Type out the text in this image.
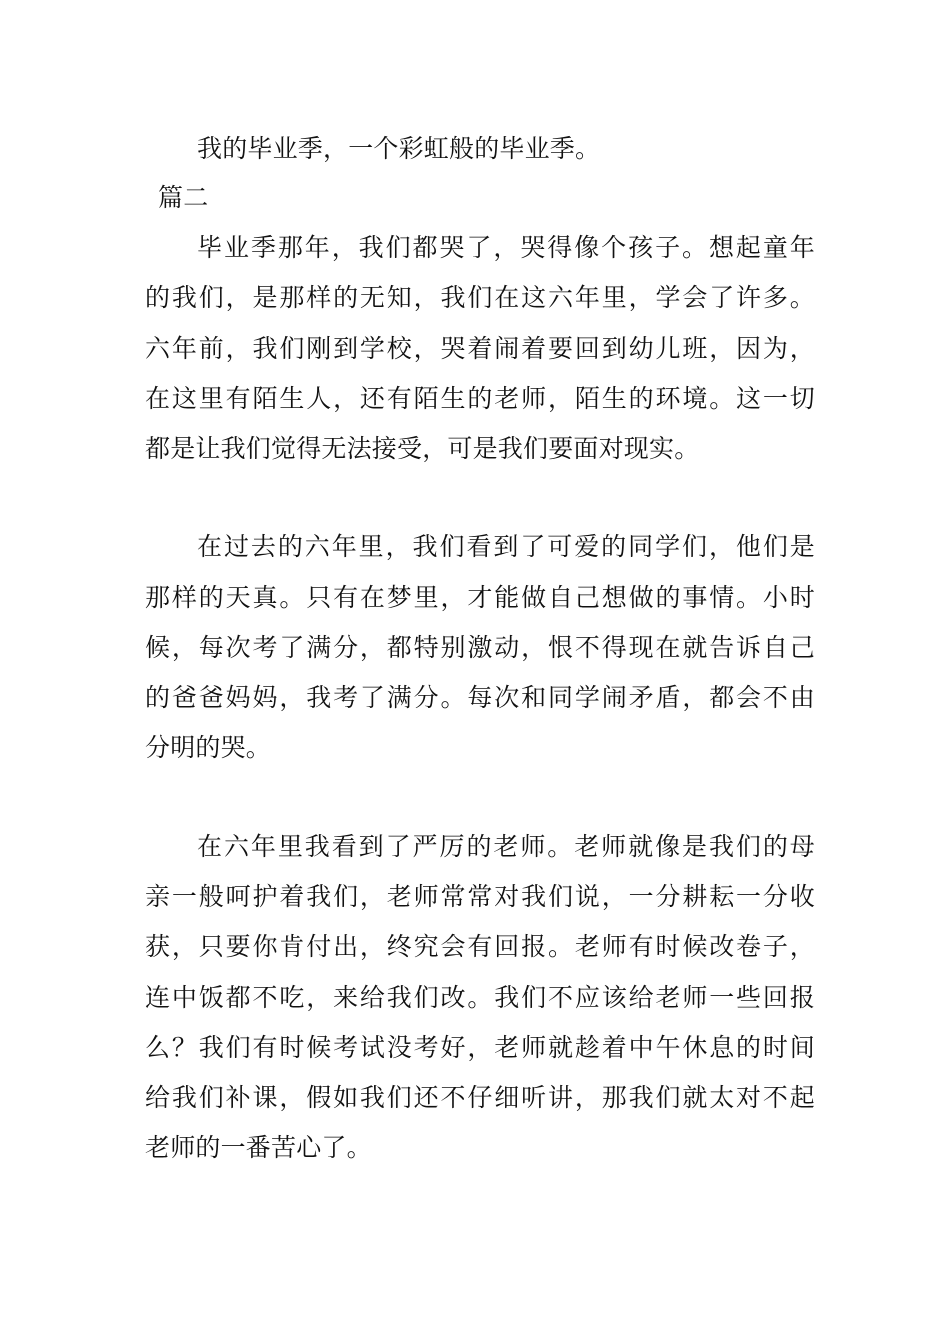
我的毕业季，一个彩虹般的毕业季。

篇二

毕业季那年，我们都哭了，哭得像个孩子。想起童年

的我们，是那样的无知，我们在这六年里，学会了许多。

六年前，我们刚到学校，哭着闹着要回到幼儿班，因为，

在这里有陌生人，还有陌生的老师，陌生的环境。这一切

都是让我们觉得无法接受，可是我们要面对现实。

在过去的六年里，我们看到了可爱的同学们，他们是

那样的天真。只有在梦里，才能做自己想做的事情。小时

候，每次考了满分，都特别激动，恨不得现在就告诉自己

的爸爸妈妈，我考了满分。每次和同学闹矛盾，都会不由

分明的哭。

在六年里我看到了严厉的老师。老师就像是我们的母

亲一般呵护着我们，老师常常对我们说，一分耕耘一分收

获，只要你肯付出，终究会有回报。老师有时候改卷子，

连中饭都不吃，来给我们改。我们不应该给老师一些回报

么？我们有时候考试没考好，老师就趁着中午休息的时间

给我们补课，假如我们还不仔细听讲，那我们就太对不起

老师的一番苦心了。
